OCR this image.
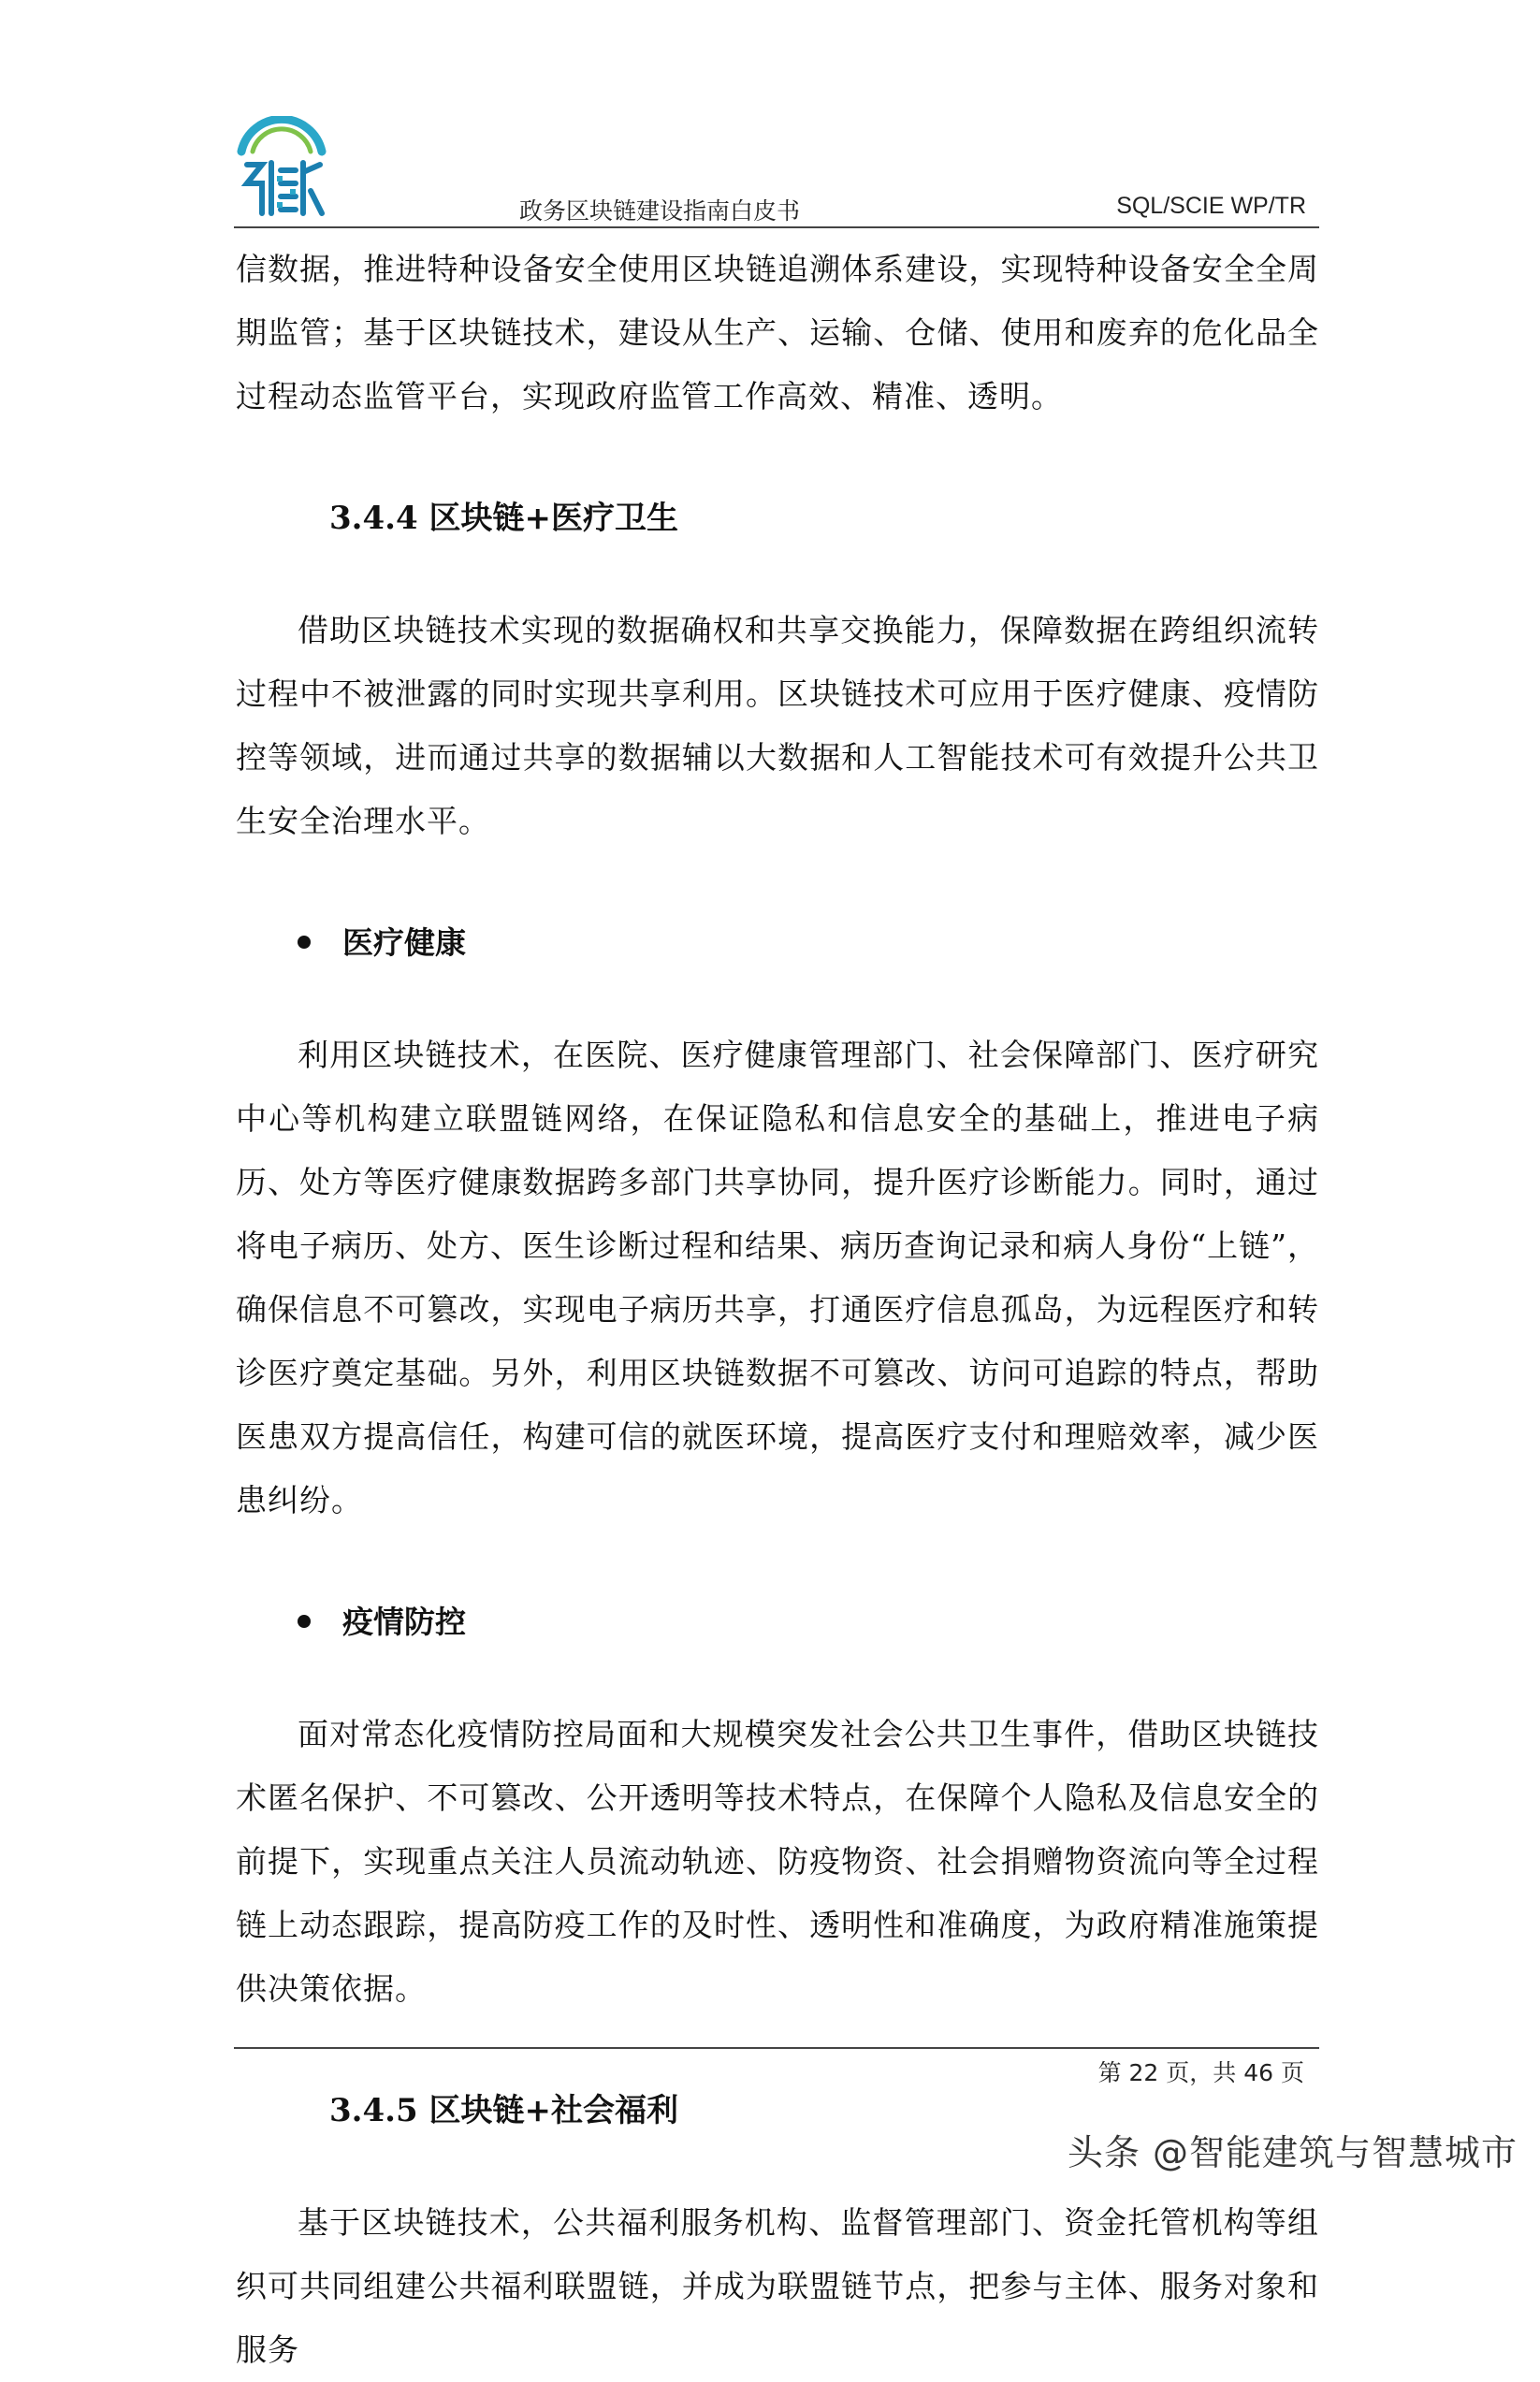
政务区块链建设指南白皮书	SQL/SCIE WP/TR

信数据，推进特种设备安全使用区块链追溯体系建设，实现特种设备安全全周期监管；基于区块链技术，建设从生产、运输、仓储、使用和废弃的危化品全过程动态监管平台，实现政府监管工作高效、精准、透明。

3.4.4 区块链+医疗卫生

借助区块链技术实现的数据确权和共享交换能力，保障数据在跨组织流转过程中不被泄露的同时实现共享利用。区块链技术可应用于医疗健康、疫情防控等领域，进而通过共享的数据辅以大数据和人工智能技术可有效提升公共卫生安全治理水平。

医疗健康

利用区块链技术，在医院、医疗健康管理部门、社会保障部门、医疗研究中心等机构建立联盟链网络，在保证隐私和信息安全的基础上，推进电子病历、处方等医疗健康数据跨多部门共享协同，提升医疗诊断能力。同时，通过将电子病历、处方、医生诊断过程和结果、病历查询记录和病人身份“上链”，确保信息不可篡改，实现电子病历共享，打通医疗信息孤岛，为远程医疗和转诊医疗奠定基础。另外，利用区块链数据不可篡改、访问可追踪的特点，帮助医患双方提高信任，构建可信的就医环境，提高医疗支付和理赔效率，减少医患纠纷。

疫情防控

面对常态化疫情防控局面和大规模突发社会公共卫生事件，借助区块链技术匿名保护、不可篡改、公开透明等技术特点，在保障个人隐私及信息安全的前提下，实现重点关注人员流动轨迹、防疫物资、社会捐赠物资流向等全过程链上动态跟踪，提高防疫工作的及时性、透明性和准确度，为政府精准施策提供决策依据。

3.4.5 区块链+社会福利

基于区块链技术，公共福利服务机构、监督管理部门、资金托管机构等组织可共同组建公共福利联盟链，并成为联盟链节点，把参与主体、服务对象和服务

第 22 页，共 46 页
头条 @智能建筑与智慧城市
